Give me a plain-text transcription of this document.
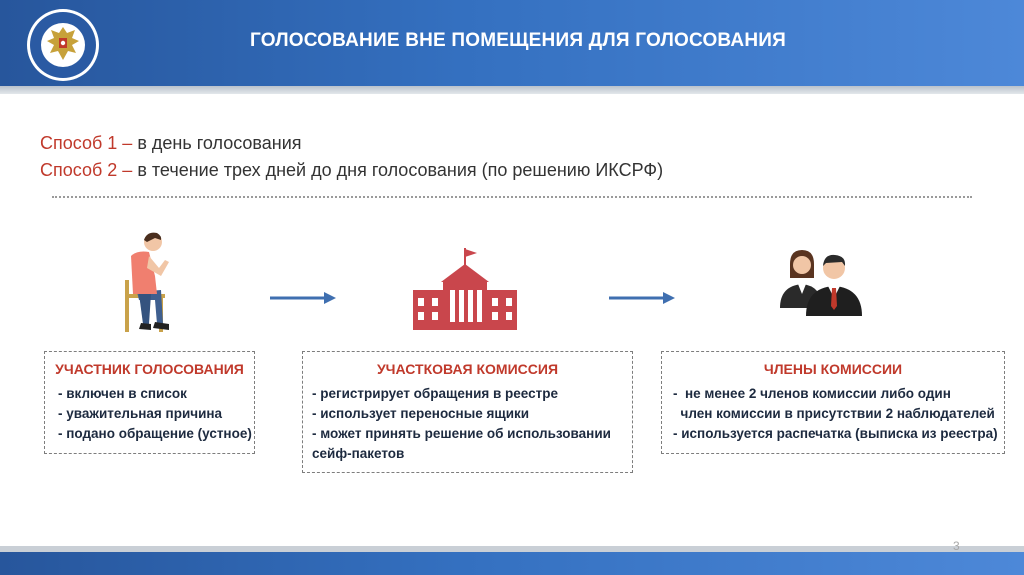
ГОЛОСОВАНИЕ ВНЕ ПОМЕЩЕНИЯ ДЛЯ ГОЛОСОВАНИЯ
Способ 1 – в день голосования
Способ 2 – в течение трех дней до дня голосования (по решению ИКСРФ)
УЧАСТНИК ГОЛОСОВАНИЯ
- включен в список
- уважительная причина
- подано обращение (устное)
УЧАСТКОВАЯ КОМИССИЯ
- регистрирует обращения в реестре
- использует переносные ящики
- может принять решение об использовании
сейф-пакетов
ЧЛЕНЫ КОМИССИИ
-  не менее 2 членов комиссии либо один
член комиссии в присутствии 2 наблюдателей
- используется распечатка (выписка из реестра)
3
